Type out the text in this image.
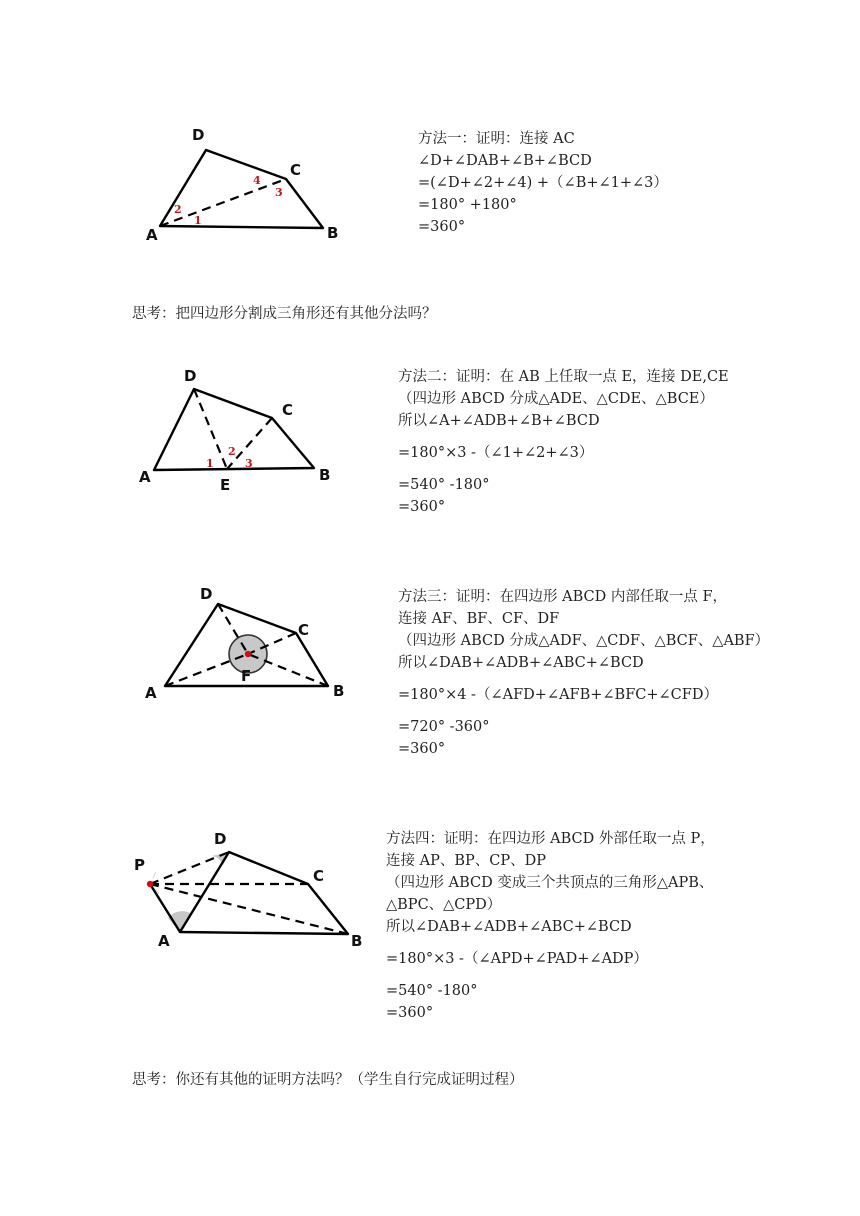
A	B
C
D
1
2
3
4
方法一：证明：连接 AC
∠D+∠DAB+∠B+∠BCD
=(∠D+∠2+∠4) +（∠B+∠1+∠3）
=180° +180°
=360°
思考：把四边形分割成三角形还有其他分法吗？
A	B
C
D
E
1
2
3
方法二：证明：在 AB 上任取一点 E，连接 DE,CE
（四边形 ABCD 分成△ADE、△CDE、△BCE）
所以∠A+∠ADB+∠B+∠BCD
=180°×3 -（∠1+∠2+∠3）
=540° -180°
=360°
A	B
C
D
F
方法三：证明：在四边形 ABCD 内部任取一点 F，
连接 AF、BF、CF、DF
（四边形 ABCD 分成△ADF、△CDF、△BCF、△ABF）
所以∠DAB+∠ADB+∠ABC+∠BCD
=180°×4 -（∠AFD+∠AFB+∠BFC+∠CFD）
=720° -360°
=360°
A	B
C
D
P
方法四：证明：在四边形 ABCD 外部任取一点 P，
连接 AP、BP、CP、DP
（四边形 ABCD 变成三个共顶点的三角形△APB、
△BPC、△CPD）
所以∠DAB+∠ADB+∠ABC+∠BCD
=180°×3 -（∠APD+∠PAD+∠ADP）
=540° -180°
=360°
思考：你还有其他的证明方法吗？（学生自行完成证明过程）
